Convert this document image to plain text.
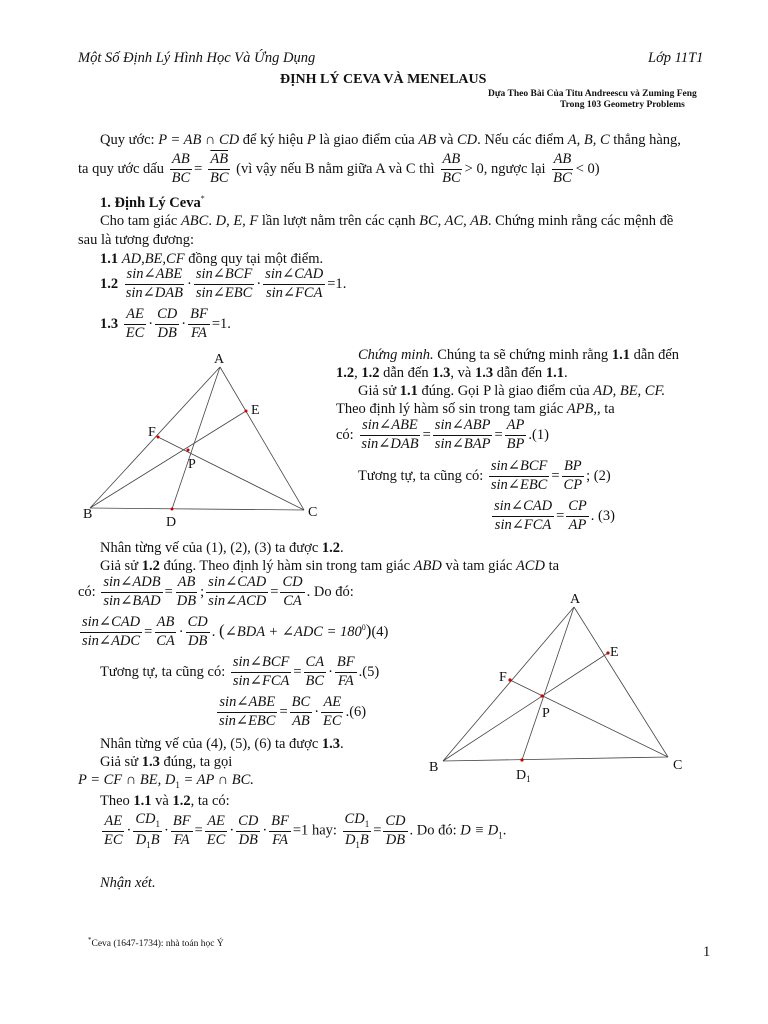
Một Số Định Lý Hình Học Và Ứng Dụng	Lớp 11T1
ĐỊNH LÝ CEVA VÀ MENELAUS
Dựa Theo Bài Của Titu Andreescu và Zuming Feng
Trong 103 Geometry Problems
Quy ước: P = AB ∩ CD để ký hiệu P là giao điểm của AB và CD. Nếu các điểm A, B, C thẳng hàng,
ta quy ước dấu $\frac{AB}{BC} = \frac{\overline{AB}}{BC}$ (vì vậy nếu B nằm giữa A và C thì $\frac{AB}{BC} > 0$, ngược lại $\frac{AB}{BC} < 0$)
1. Định Lý Ceva*
Cho tam giác ABC. D, E, F lần lượt nằm trên các cạnh BC, AC, AB. Chứng minh rằng các mệnh đề
sau là tương đương:
1.1 AD,BE,CF đồng quy tại một điểm.
$1.2 \frac{\text{sin∠ABE}}{\text{sin∠DAB}} \cdot \frac{\text{sin∠BCF}}{\text{sin∠EBC}} \cdot \frac{\text{sin∠CAD}}{\text{sin∠FCA}} =1$.
$1.3 \frac{AE}{EC} \cdot \frac{CD}{DB} \cdot \frac{BF}{FA} =1$.
A
B	C
D
E
F
P
Chứng minh. Chúng ta sẽ chứng minh rằng 1.1 dẫn đến
1.2, 1.2 dẫn đến 1.3, và 1.3 dẫn đến 1.1.
Giả sử 1.1 đúng. Gọi P là giao điểm của AD, BE, CF.
Theo định lý hàm số sin trong tam giác APB,, ta
có: $\frac{\text{sin∠ABE}}{\text{sin∠DAB}} = \frac{\text{sin∠ABP}}{\text{sin∠BAP}} = \frac{AP}{BP} .(1)$
Tương tự, ta cũng có: $\frac{\text{sin∠BCF}}{\text{sin∠EBC}} = \frac{BP}{CP}$ ; (2)
$\frac{\text{sin∠CAD}}{\text{sin∠FCA}} = \frac{CP}{AP}$ . (3)
Nhân từng vế của (1), (2), (3) ta được 1.2.
Giả sử 1.2 đúng. Theo định lý hàm sin trong tam giác ABD và tam giác ACD ta
có: $\frac{\text{sin∠ADB}}{\text{sin∠BAD}} = \frac{AB}{DB}$ ; $\frac{\text{sin∠CAD}}{\text{sin∠ACD}} = \frac{CD}{CA}$ . Do đó:
$\frac{\text{sin∠CAD}}{\text{sin∠ADC}} = \frac{AB}{CA} \cdot \frac{CD}{DB}$ . (∠BDA + ∠ADC = $180^0)(4)$
Tương tự, ta cũng có: $\frac{\text{sin∠BCF}}{\text{sin∠FCA}} = \frac{CA}{BC} \cdot \frac{BF}{FA} .(5)$
$\frac{\text{sin∠ABE}}{\text{sin∠EBC}} = \frac{BC}{AB} \cdot \frac{AE}{EC} .(6)$
Nhân từng vế của (4), (5), (6) ta được 1.3.
Giả sử 1.3 đúng, ta gọi
P = CF ∩ BE, $D_1$ = AP ∩ BC.
Theo 1.1 và 1.2, ta có:
$\frac{AE}{EC} \cdot \frac{CD_1}{D_1B} \cdot \frac{BF}{FA} = \frac{AE}{EC} \cdot \frac{CD}{DB} \cdot \frac{BF}{FA} =1$ hay: $\frac{CD_1}{D_1B} = \frac{CD}{DB}$ . Do đó: $D \equiv D_1$.
Nhận xét.
A
B	C
$D_1$
E
F
P
*Ceva (1647-1734): nhà toán học Ý	1
